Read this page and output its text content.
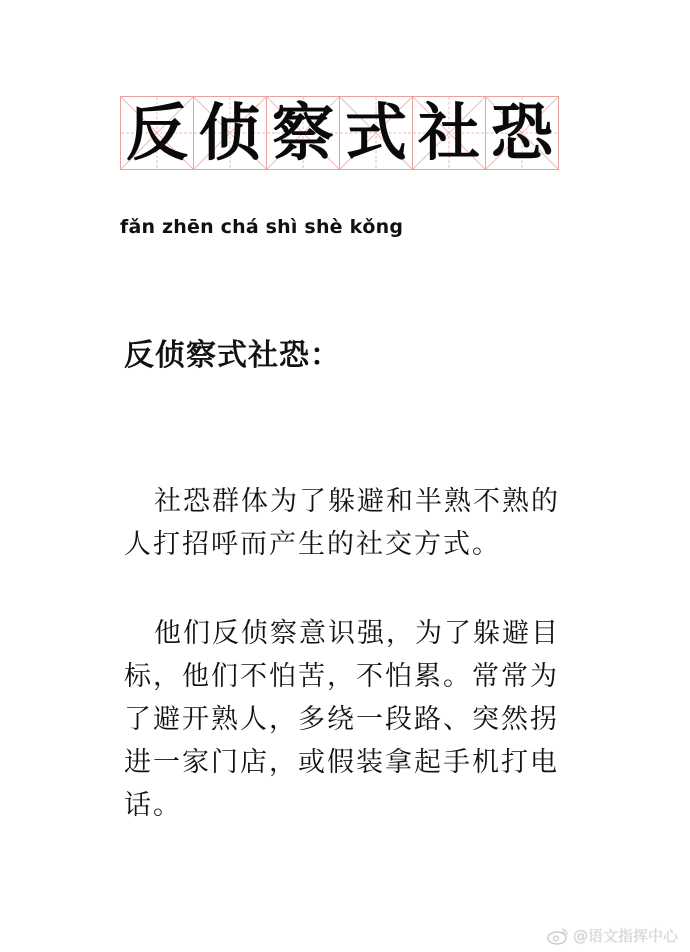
反 侦 察 式 社 恐
fǎn zhēn chá shì shè kǒng
反侦察式社恐：

社恐群体为了躲避和半熟不熟的人打招呼而产生的社交方式。

他们反侦察意识强，为了躲避目标，他们不怕苦，不怕累。常常为了避开熟人，多绕一段路、突然拐进一家门店，或假装拿起手机打电话。

@语文指挥中心
